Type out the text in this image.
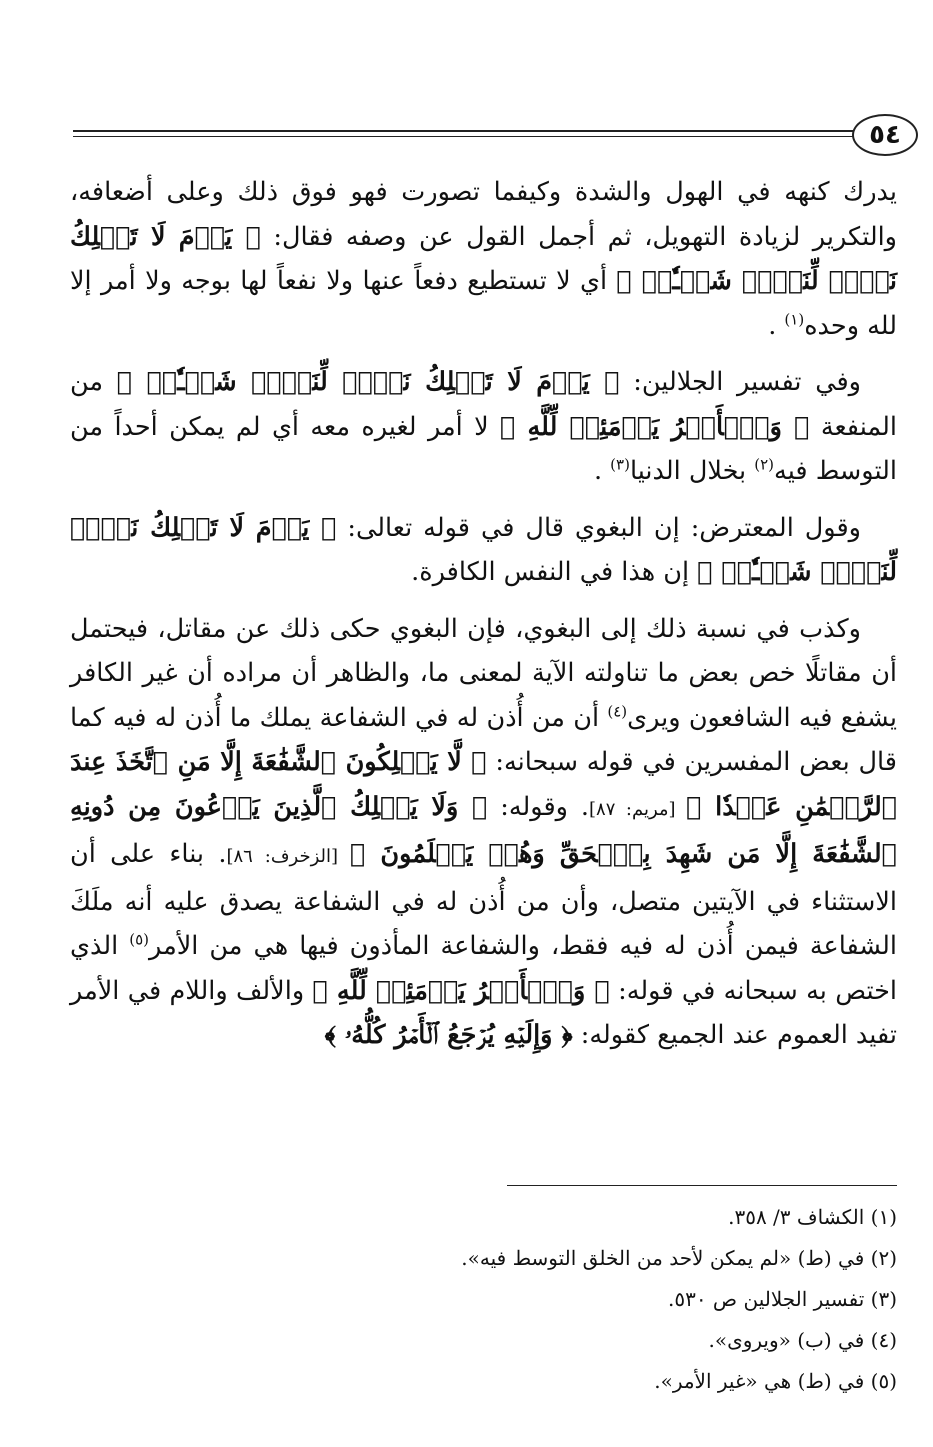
٥٤

يدرك كنهه في الهول والشدة وكيفما تصورت فهو فوق ذلك وعلى أضعافه، والتكرير لزيادة التهويل، ثم أجمل القول عن وصفه فقال: ﴿ يَوۡمَ لَا تَمۡلِكُ نَفۡسٞ لِّنَفۡسٖ شَيۡـٔٗاۖ ﴾ أي لا تستطيع دفعاً عنها ولا نفعاً لها بوجه ولا أمر إلا لله وحده$^{(١)}$ .

وفي تفسير الجلالين: ﴿ يَوۡمَ لَا تَمۡلِكُ نَفۡسٞ لِّنَفۡسٖ شَيۡـٔٗاۖ ﴾ من المنفعة ﴿ وَٱلۡأَمۡرُ يَوۡمَئِذٖ لِّلَّهِ ﴾ لا أمر لغيره معه أي لم يمكن أحداً من التوسط فيه$^{(٢)}$ بخلال الدنيا$^{(٣)}$ .

وقول المعترض: إن البغوي قال في قوله تعالى: ﴿ يَوۡمَ لَا تَمۡلِكُ نَفۡسٞ لِّنَفۡسٖ شَيۡـٔٗاۖ ﴾ إن هذا في النفس الكافرة.

وكذب في نسبة ذلك إلى البغوي، فإن البغوي حكى ذلك عن مقاتل، فيحتمل أن مقاتلًا خص بعض ما تناولته الآية لمعنى ما، والظاهر أن مراده أن غير الكافر يشفع فيه الشافعون ويرى$^{(٤)}$ أن من أُذن له في الشفاعة يملك ما أُذن له فيه كما قال بعض المفسرين في قوله سبحانه: ﴿ لَّا يَمۡلِكُونَ ٱلشَّفَٰعَةَ إِلَّا مَنِ ٱتَّخَذَ عِندَ ٱلرَّحۡمَٰنِ عَهۡدٗا ﴾ [مريم: ٨٧]. وقوله: ﴿ وَلَا يَمۡلِكُ ٱلَّذِينَ يَدۡعُونَ مِن دُونِهِ ٱلشَّفَٰعَةَ إِلَّا مَن شَهِدَ بِٱلۡحَقِّ وَهُمۡ يَعۡلَمُونَ ﴾ [الزخرف: ٨٦]. بناء على أن الاستثناء في الآيتين متصل، وأن من أُذن له في الشفاعة يصدق عليه أنه ملَكَ الشفاعة فيمن أُذن له فيه فقط، والشفاعة المأذون فيها هي من الأمر$^{(٥)}$ الذي اختص به سبحانه في قوله: ﴿ وَٱلۡأَمۡرُ يَوۡمَئِذٖ لِّلَّهِ ﴾ والألف واللام في الأمر تفيد العموم عند الجميع كقوله: ﴿ وَإِلَيۡهِ يُرۡجَعُ ٱلۡأَمۡرُ كُلُّهُۥ ﴾

(١) الكشاف ٣/ ٣٥٨.
(٢) في (ط) «لم يمكن لأحد من الخلق التوسط فيه».
(٣) تفسير الجلالين ص ٥٣٠.
(٤) في (ب) «ويروى».
(٥) في (ط) هي «غير الأمر».
